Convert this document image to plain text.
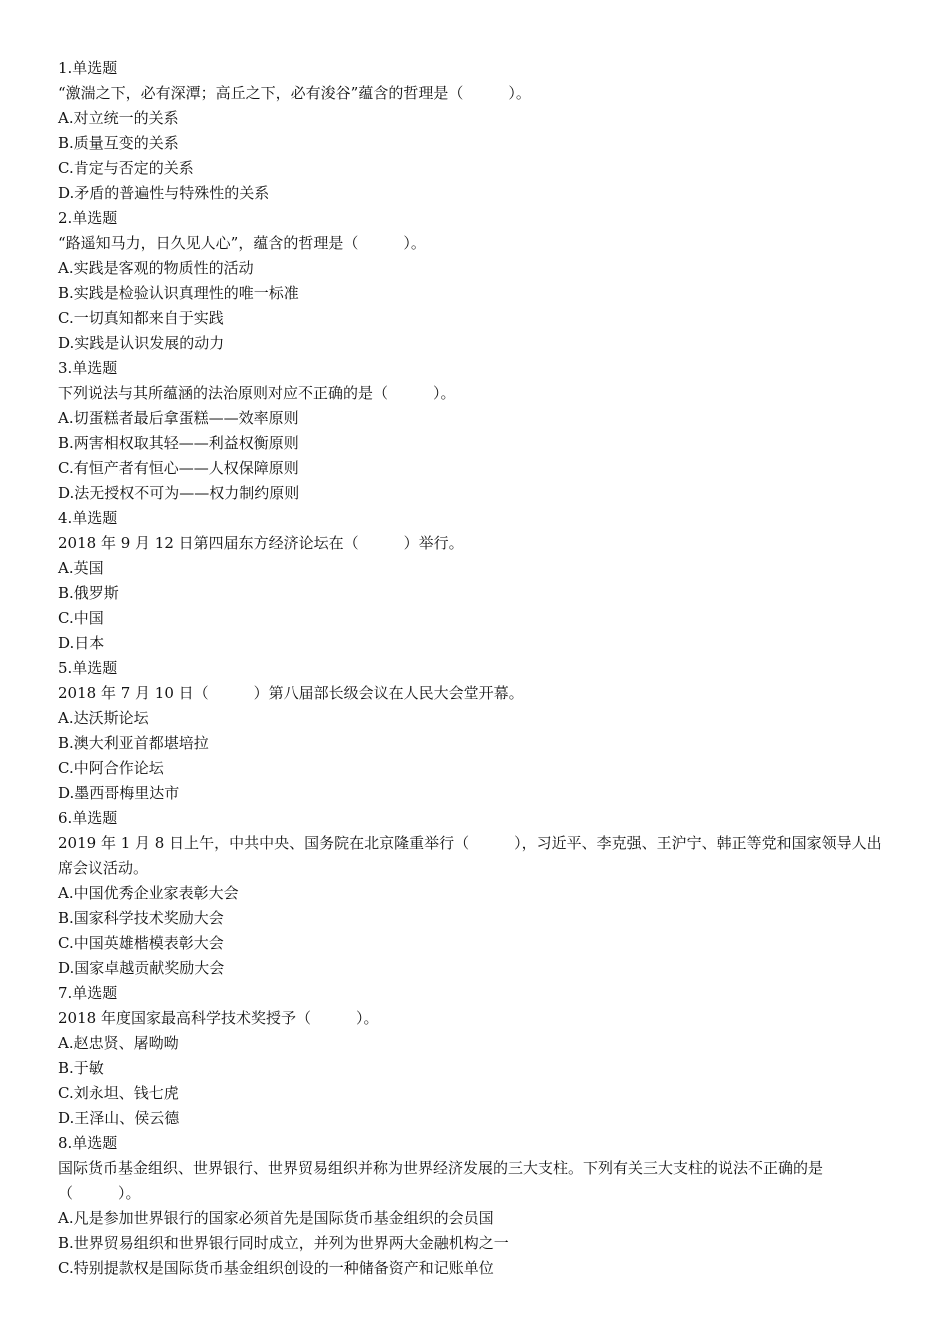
1.单选题
“激湍之下，必有深潭；高丘之下，必有浚谷”蕴含的哲理是（　　　）。
A.对立统一的关系
B.质量互变的关系
C.肯定与否定的关系
D.矛盾的普遍性与特殊性的关系
2.单选题
“路遥知马力，日久见人心”，蕴含的哲理是（　　　）。
A.实践是客观的物质性的活动
B.实践是检验认识真理性的唯一标准
C.一切真知都来自于实践
D.实践是认识发展的动力
3.单选题
下列说法与其所蕴涵的法治原则对应不正确的是（　　　）。
A.切蛋糕者最后拿蛋糕——效率原则
B.两害相权取其轻——利益权衡原则
C.有恒产者有恒心——人权保障原则
D.法无授权不可为——权力制约原则
4.单选题
2018 年 9 月 12 日第四届东方经济论坛在（　　　）举行。
A.英国
B.俄罗斯
C.中国
D.日本
5.单选题
2018 年 7 月 10 日（　　　）第八届部长级会议在人民大会堂开幕。
A.达沃斯论坛
B.澳大利亚首都堪培拉
C.中阿合作论坛
D.墨西哥梅里达市
6.单选题
2019 年 1 月 8 日上午，中共中央、国务院在北京隆重举行（　　　），习近平、李克强、王沪宁、韩正等党和国家领导人出席会议活动。
A.中国优秀企业家表彰大会
B.国家科学技术奖励大会
C.中国英雄楷模表彰大会
D.国家卓越贡献奖励大会
7.单选题
2018 年度国家最高科学技术奖授予（　　　）。
A.赵忠贤、屠呦呦
B.于敏
C.刘永坦、钱七虎
D.王泽山、侯云德
8.单选题
国际货币基金组织、世界银行、世界贸易组织并称为世界经济发展的三大支柱。下列有关三大支柱的说法不正确的是（　　　）。
A.凡是参加世界银行的国家必须首先是国际货币基金组织的会员国
B.世界贸易组织和世界银行同时成立，并列为世界两大金融机构之一
C.特别提款权是国际货币基金组织创设的一种储备资产和记账单位
